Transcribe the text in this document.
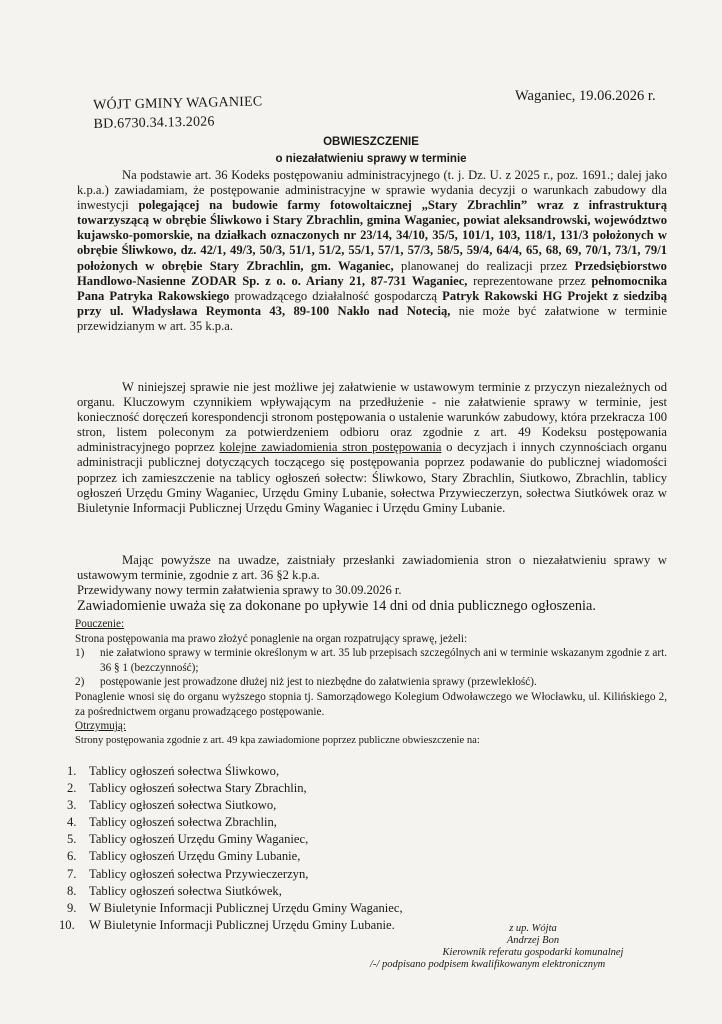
Waganiec, 19.06.2026 r.
WÓJT GMINY WAGANIEC
BD.6730.34.13.2026
OBWIESZCZENIE
o niezałatwieniu sprawy w terminie
Na podstawie art. 36 Kodeks postępowaniu administracyjnego (t. j. Dz. U. z 2025 r., poz. 1691.; dalej jako k.p.a.) zawiadamiam, że postępowanie administracyjne w sprawie wydania decyzji o warunkach zabudowy dla inwestycji polegającej na budowie farmy fotowoltaicznej „Stary Zbrachlin” wraz z infrastrukturą towarzyszącą w obrębie Śliwkowo i Stary Zbrachlin, gmina Waganiec, powiat aleksandrowski, województwo kujawsko-pomorskie, na działkach oznaczonych nr 23/14, 34/10, 35/5, 101/1, 103, 118/1, 131/3 położonych w obrębie Śliwkowo, dz. 42/1, 49/3, 50/3, 51/1, 51/2, 55/1, 57/1, 57/3, 58/5, 59/4, 64/4, 65, 68, 69, 70/1, 73/1, 79/1 położonych w obrębie Stary Zbrachlin, gm. Waganiec, planowanej do realizacji przez Przedsiębiorstwo Handlowo-Nasienne ZODAR Sp. z o. o. Ariany 21, 87-731 Waganiec, reprezentowane przez pełnomocnika Pana Patryka Rakowskiego prowadzącego działalność gospodarczą Patryk Rakowski HG Projekt z siedzibą przy ul. Władysława Reymonta 43, 89-100 Nakło nad Notecią, nie może być załatwione w terminie przewidzianym w art. 35 k.p.a.
W niniejszej sprawie nie jest możliwe jej załatwienie w ustawowym terminie z przyczyn niezależnych od organu. Kluczowym czynnikiem wpływającym na przedłużenie - nie załatwienie sprawy w terminie, jest konieczność doręczeń korespondencji stronom postępowania o ustalenie warunków zabudowy, która przekracza 100 stron, listem poleconym za potwierdzeniem odbioru oraz zgodnie z art. 49 Kodeksu postępowania administracyjnego poprzez kolejne zawiadomienia stron postępowania o decyzjach i innych czynnościach organu administracji publicznej dotyczących toczącego się postępowania poprzez podawanie do publicznej wiadomości poprzez ich zamieszczenie na tablicy ogłoszeń sołectw: Śliwkowo, Stary Zbrachlin, Siutkowo, Zbrachlin, tablicy ogłoszeń Urzędu Gminy Waganiec, Urzędu Gminy Lubanie, sołectwa Przywieczerzyn, sołectwa Siutkówek oraz w Biuletynie Informacji Publicznej Urzędu Gminy Waganiec i Urzędu Gminy Lubanie.
Mając powyższe na uwadze, zaistniały przesłanki zawiadomienia stron o niezałatwieniu sprawy w ustawowym terminie, zgodnie z art. 36 §2 k.p.a.
Przewidywany nowy termin załatwienia sprawy to 30.09.2026 r.
Zawiadomienie uważa się za dokonane po upływie 14 dni od dnia publicznego ogłoszenia.
Pouczenie:
Strona postępowania ma prawo złożyć ponaglenie na organ rozpatrujący sprawę, jeżeli:
1)	nie załatwiono sprawy w terminie określonym w art. 35 lub przepisach szczególnych ani w terminie wskazanym zgodnie z art. 36 § 1 (bezczynność);
2)	postępowanie jest prowadzone dłużej niż jest to niezbędne do załatwienia sprawy (przewlekłość).
Ponaglenie wnosi się do organu wyższego stopnia tj. Samorządowego Kolegium Odwoławczego we Włocławku, ul. Kilińskiego 2, za pośrednictwem organu prowadzącego postępowanie.
Otrzymują:
Strony postępowania zgodnie z art. 49 kpa zawiadomione poprzez publiczne obwieszczenie na:
1. Tablicy ogłoszeń sołectwa Śliwkowo,
2. Tablicy ogłoszeń sołectwa Stary Zbrachlin,
3. Tablicy ogłoszeń sołectwa Siutkowo,
4. Tablicy ogłoszeń sołectwa Zbrachlin,
5. Tablicy ogłoszeń Urzędu Gminy Waganiec,
6. Tablicy ogłoszeń Urzędu Gminy Lubanie,
7. Tablicy ogłoszeń sołectwa Przywieczerzyn,
8. Tablicy ogłoszeń sołectwa Siutkówek,
9. W Biuletynie Informacji Publicznej Urzędu Gminy Waganiec,
10.	W Biuletynie Informacji Publicznej Urzędu Gminy Lubanie.	z up. Wójta
Andrzej Bon
Kierownik referatu gospodarki komunalnej
/-/ podpisano podpisem kwalifikowanym elektronicznym
